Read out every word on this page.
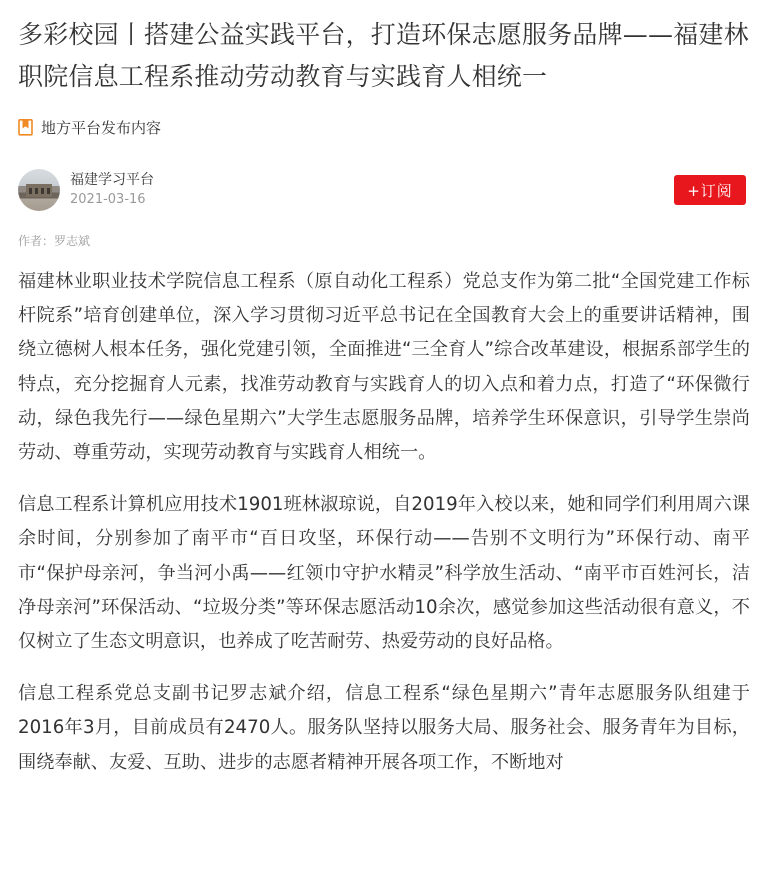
多彩校园丨搭建公益实践平台，打造环保志愿服务品牌——福建林职院信息工程系推动劳动教育与实践育人相统一
地方平台发布内容
福建学习平台
2021-03-16	+订阅
作者：罗志斌

福建林业职业技术学院信息工程系（原自动化工程系）党总支作为第二批“全国党建工作标杆院系”培育创建单位，深入学习贯彻习近平总书记在全国教育大会上的重要讲话精神，围绕立德树人根本任务，强化党建引领，全面推进“三全育人”综合改革建设，根据系部学生的特点，充分挖掘育人元素，找准劳动教育与实践育人的切入点和着力点，打造了“环保微行动，绿色我先行——绿色星期六”大学生志愿服务品牌，培养学生环保意识，引导学生崇尚劳动、尊重劳动，实现劳动教育与实践育人相统一。

信息工程系计算机应用技术1901班林淑琼说，自2019年入校以来，她和同学们利用周六课余时间，分别参加了南平市“百日攻坚，环保行动——告别不文明行为”环保行动、南平市“保护母亲河，争当河小禹——红领巾守护水精灵”科学放生活动、“南平市百姓河长，洁净母亲河”环保活动、“垃圾分类”等环保志愿活动10余次，感觉参加这些活动很有意义，不仅树立了生态文明意识，也养成了吃苦耐劳、热爱劳动的良好品格。

信息工程系党总支副书记罗志斌介绍，信息工程系“绿色星期六”青年志愿服务队组建于2016年3月，目前成员有2470人。服务队坚持以服务大局、服务社会、服务青年为目标，围绕奉献、友爱、互助、进步的志愿者精神开展各项工作，不断地对
